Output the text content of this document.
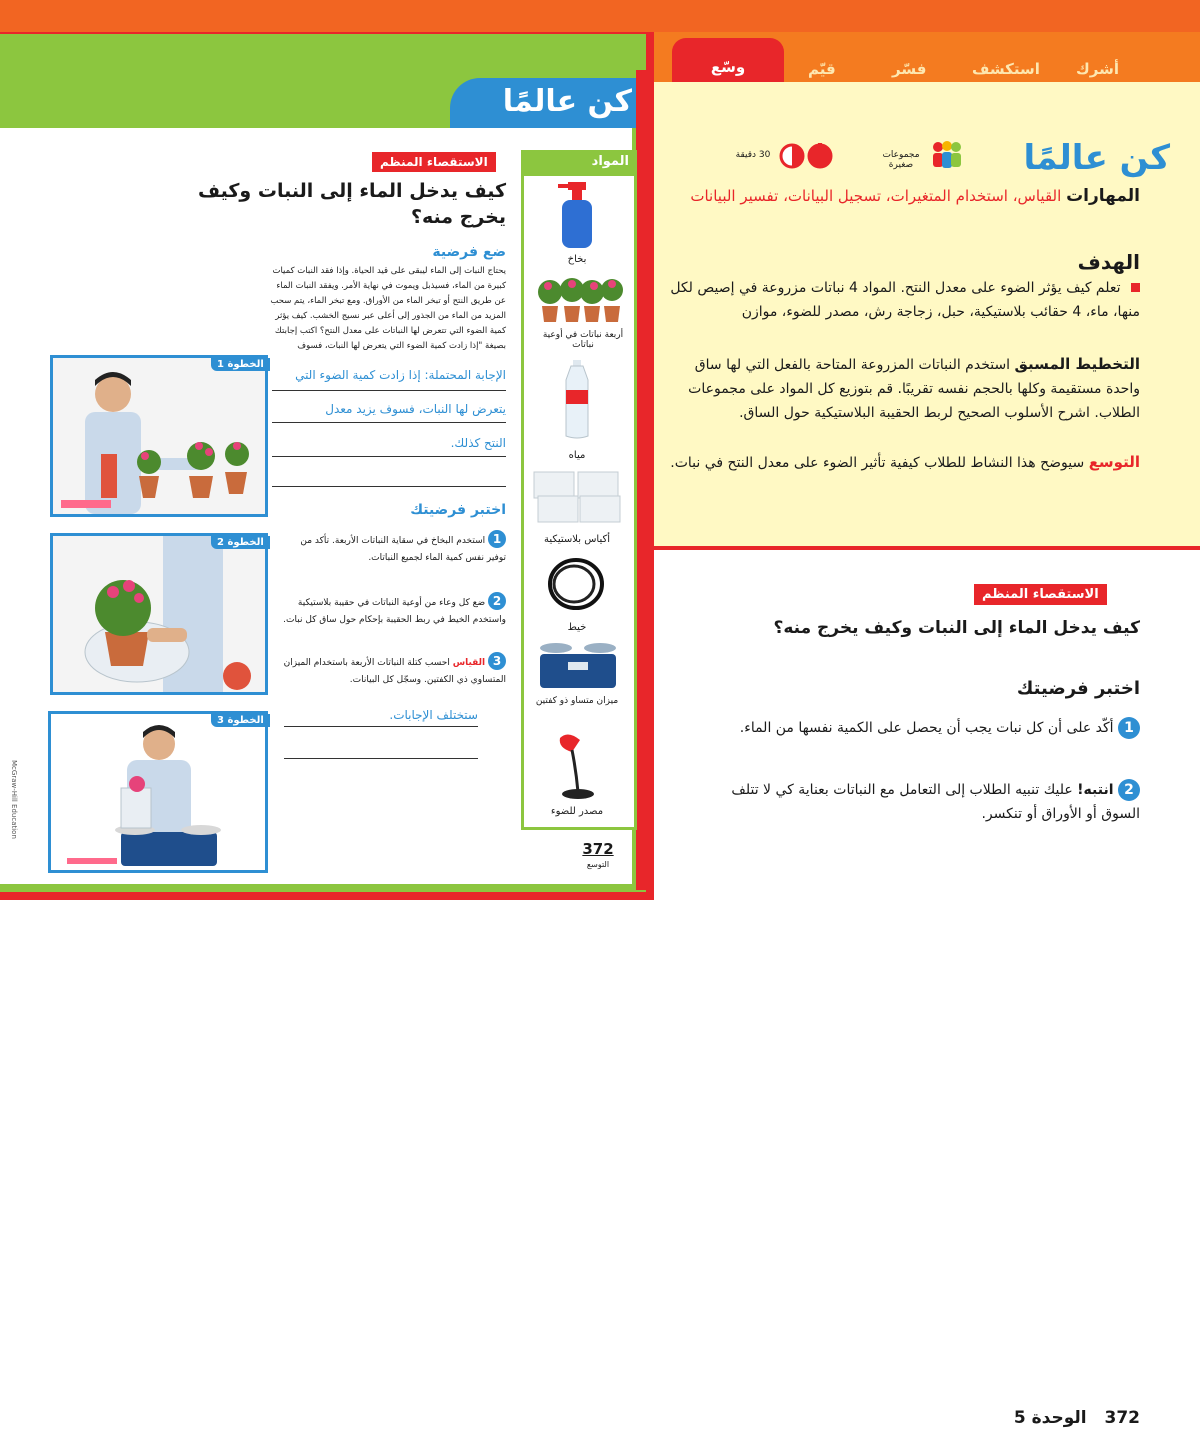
وسّع	أشرك
استكشف
فسّر
قيّم
كن عالمًا
مجموعات صغيرة
30 دقيقة
المهارات القياس، استخدام المتغيرات، تسجيل البيانات، تفسير البيانات
الهدف
تعلم كيف يؤثر الضوء على معدل النتح. المواد 4 نباتات مزروعة في إصيص لكل منها، ماء، 4 حقائب بلاستيكية، حبل، زجاجة رش، مصدر للضوء، موازن
التخطيط المسبق استخدم النباتات المزروعة المتاحة بالفعل التي لها ساق واحدة مستقيمة وكلها بالحجم نفسه تقريبًا. قم بتوزيع كل المواد على مجموعات الطلاب. اشرح الأسلوب الصحيح لربط الحقيبة البلاستيكية حول الساق.
التوسع سيوضح هذا النشاط للطلاب كيفية تأثير الضوء على معدل النتح في نبات.
الاستقصاء المنظم
كيف يدخل الماء إلى النبات وكيف يخرج منه؟
اختبر فرضيتك
1 أكّد على أن كل نبات يجب أن يحصل على الكمية نفسها من الماء.
2 انتبه! عليك تنبيه الطلاب إلى التعامل مع النباتات بعناية كي لا تتلف السوق أو الأوراق أو تنكسر.
كن عالمًا
الاستقصاء المنظم
كيف يدخل الماء إلى النبات وكيف يخرج منه؟
ضع فرضية
يحتاج النبات إلى الماء ليبقى على قيد الحياة. وإذا فقد النبات كميات كبيرة من الماء، فسيذبل ويموت في نهاية الأمر. ويفقد النبات الماء عن طريق النتح أو تبخر الماء من الأوراق. ومع تبخر الماء، يتم سحب المزيد من الماء من الجذور إلى أعلى عبر نسيج الخشب. كيف يؤثر كمية الضوء التي تتعرض لها النباتات على معدل النتح؟ اكتب إجابتك بصيغة "إذا زادت كمية الضوء التي يتعرض لها النبات، فسوف
الإجابة المحتملة: إذا زادت كمية الضوء التي
يتعرض لها النبات، فسوف يزيد معدل
النتح كذلك.
اختبر فرضيتك
1 استخدم البخاخ في سقاية النباتات الأربعة. تأكد من توفير نفس كمية الماء لجميع النباتات.
2 ضع كل وعاء من أوعية النباتات في حقيبة بلاستيكية واستخدم الخيط في ربط الحقيبة بإحكام حول ساق كل نبات.
3 القياس احسب كتلة النباتات الأربعة باستخدام الميزان المتساوي ذي الكفتين. وسجّل كل البيانات.
ستختلف الإجابات.
372
التوسع
McGraw-Hill Education
الخطوة 1
الخطوة 2
الخطوة 3
المواد
بخاخ
أربعة نباتات في أوعية نباتات
مياه
أكياس بلاستيكية
خيط
ميزان متساو ذو كفتين
مصدر للضوء
372 الوحدة 5
